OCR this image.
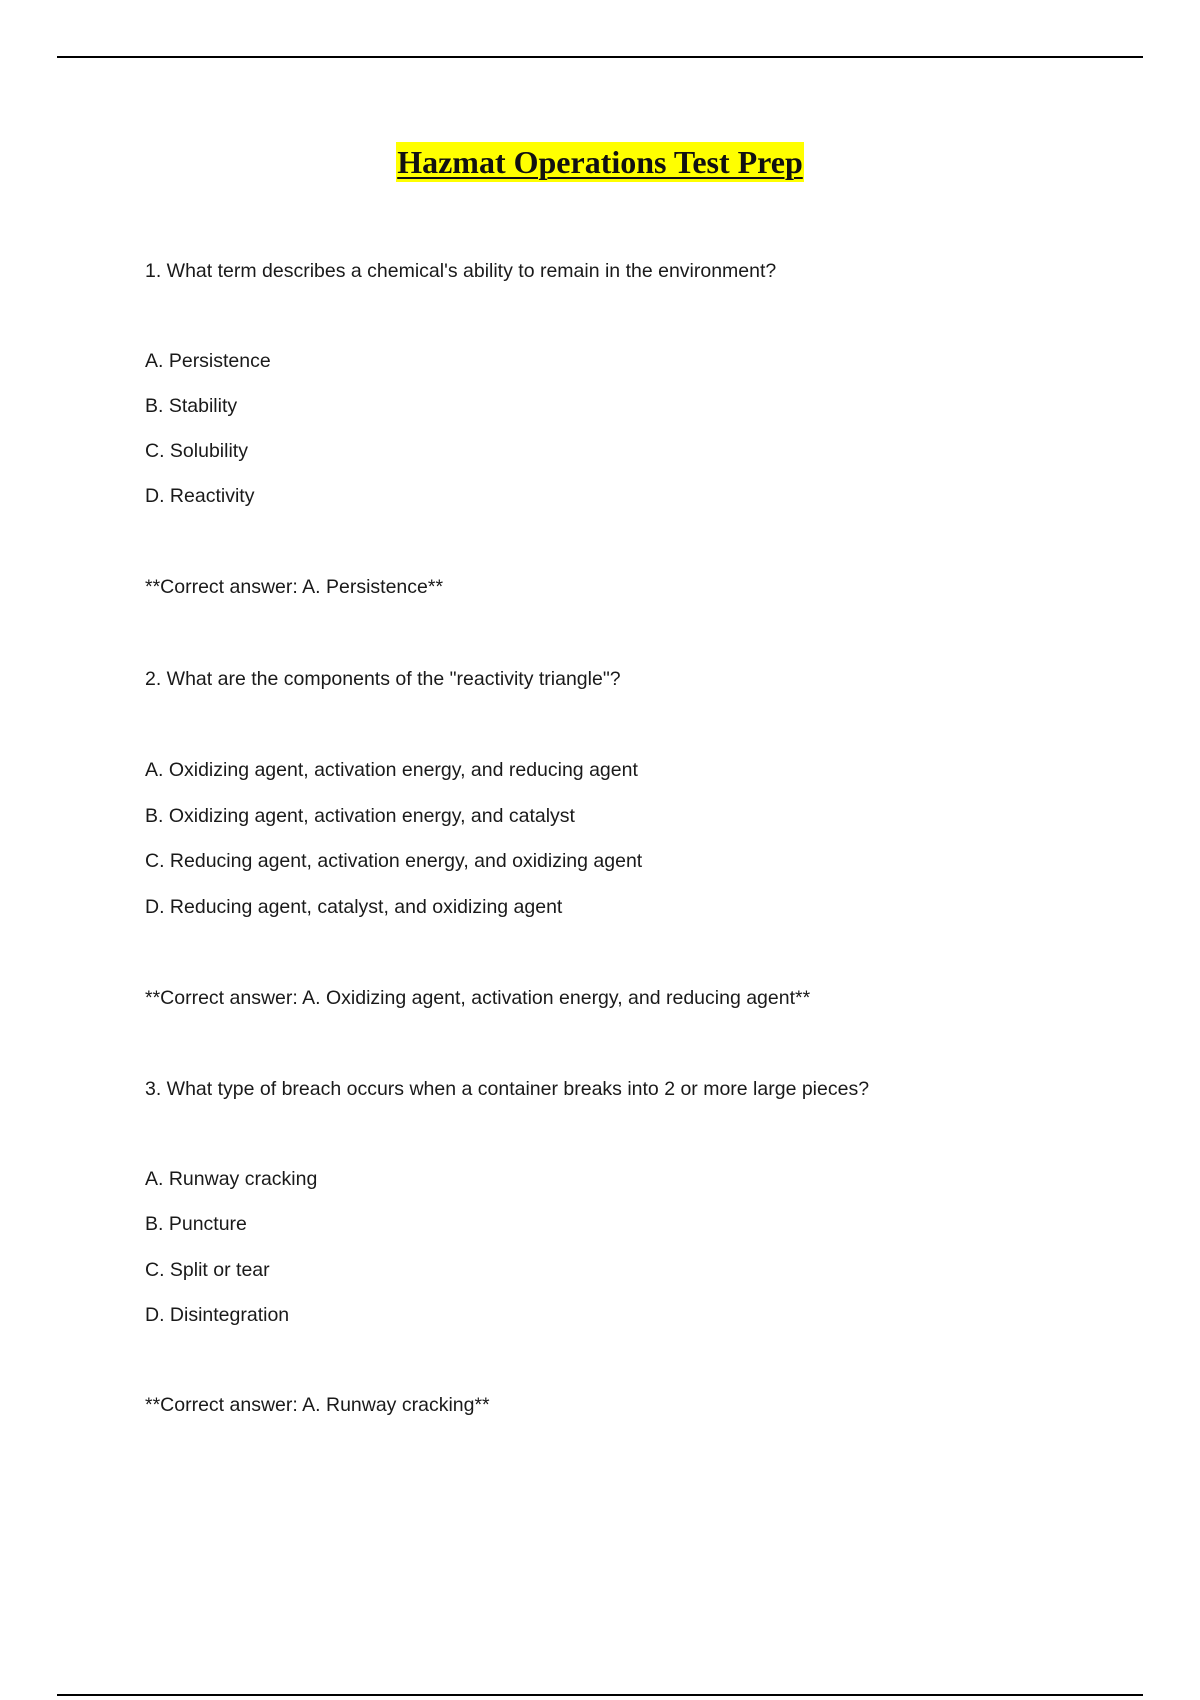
Hazmat Operations Test Prep
1. What term describes a chemical's ability to remain in the environment?
A. Persistence
B. Stability
C. Solubility
D. Reactivity
**Correct answer: A. Persistence**
2. What are the components of the "reactivity triangle"?
A. Oxidizing agent, activation energy, and reducing agent
B. Oxidizing agent, activation energy, and catalyst
C. Reducing agent, activation energy, and oxidizing agent
D. Reducing agent, catalyst, and oxidizing agent
**Correct answer: A. Oxidizing agent, activation energy, and reducing agent**
3. What type of breach occurs when a container breaks into 2 or more large pieces?
A. Runway cracking
B. Puncture
C. Split or tear
D. Disintegration
**Correct answer: A. Runway cracking**
